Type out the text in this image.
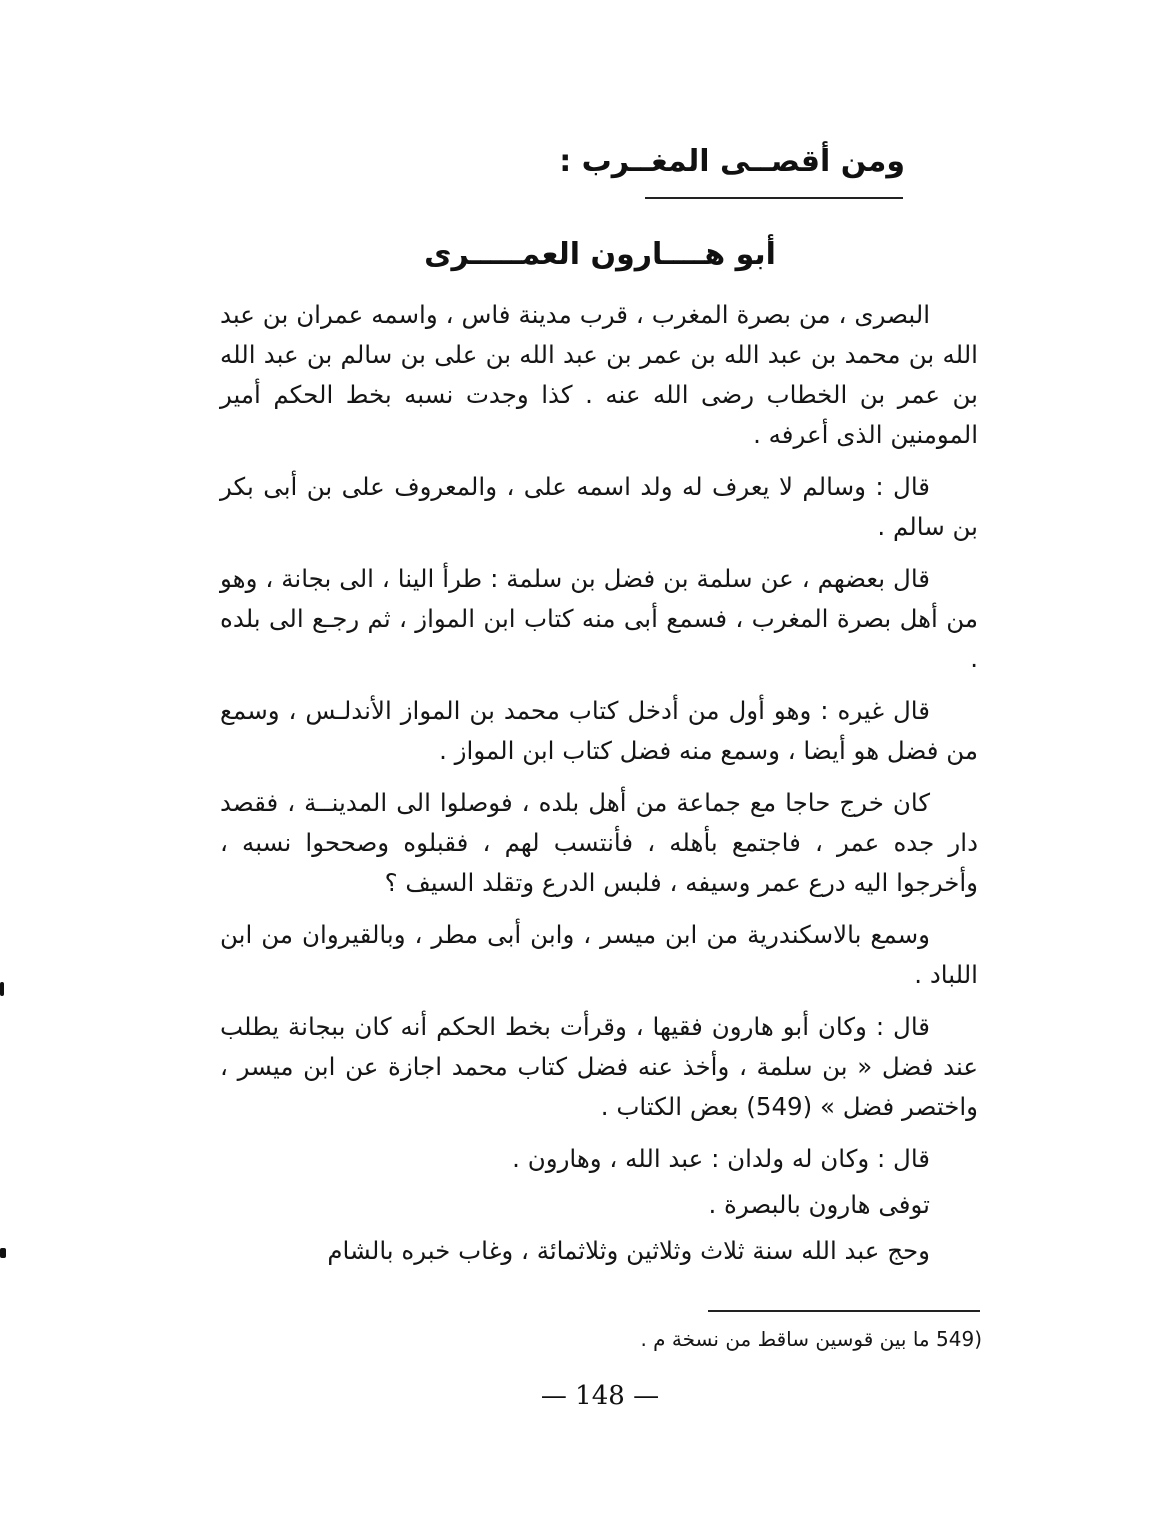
ومن أقصــى المغــرب :
أبو هــــارون العمـــــرى

البصرى ، من بصرة المغرب ، قرب مدينة فاس ، واسمه عمران بن عبد الله بن محمد بن عبد الله بن عمر بن عبد الله بن على بن سالم بن عبد الله بن عمر بن الخطاب رضى الله عنه . كذا وجدت نسبه بخط الحكم أمير المومنين الذى أعرفه .

قال : وسالم لا يعرف له ولد اسمه على ، والمعروف على بن أبى بكر بن سالم .

قال بعضهم ، عن سلمة بن فضل بن سلمة : طرأ الينا ، الى بجانة ، وهو من أهل بصرة المغرب ، فسمع أبى منه كتاب ابن المواز ، ثم رجـع الى بلده .

قال غيره : وهو أول من أدخل كتاب محمد بن المواز الأندلـس ، وسمع من فضل هو أيضا ، وسمع منه فضل كتاب ابن المواز .

كان خرج حاجا مع جماعة من أهل بلده ، فوصلوا الى المدينــة ، فقصد دار جده عمر ، فاجتمع بأهله ، فأنتسب لهم ، فقبلوه وصححوا نسبه ، وأخرجوا اليه درع عمر وسيفه ، فلبس الدرع وتقلد السيف ؟

وسمع بالاسكندرية من ابن ميسر ، وابن أبى مطر ، وبالقيروان من ابن اللباد .

قال : وكان أبو هارون فقيها ، وقرأت بخط الحكم أنه كان ببجانة يطلب عند فضل « بن سلمة ، وأخذ عنه فضل كتاب محمد اجازة عن ابن ميسر ، واختصر فضل » (549) بعض الكتاب .

قال : وكان له ولدان : عبد الله ، وهارون .

توفى هارون بالبصرة .

وحج عبد الله سنة ثلاث وثلاثين وثلاثمائة ، وغاب خبره بالشام

(549 ما بين قوسين ساقط من نسخة م .
— 148 —
